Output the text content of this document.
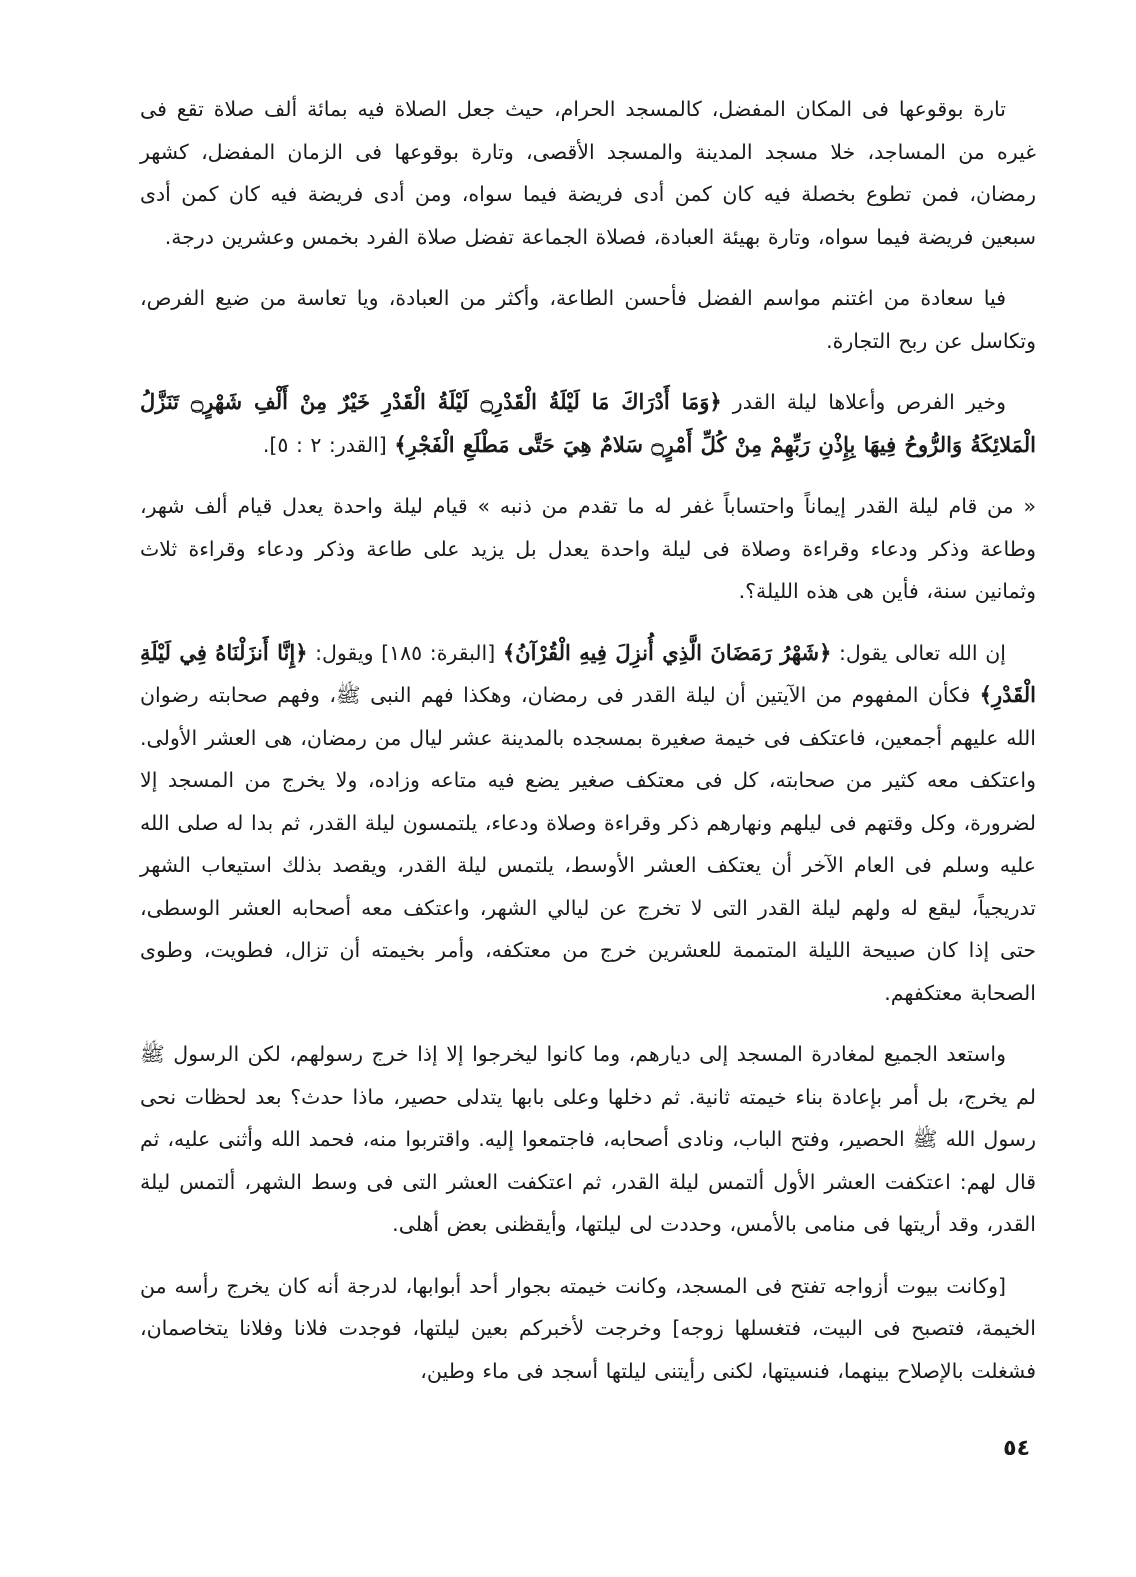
تارة بوقوعها فى المكان المفضل، كالمسجد الحرام، حيث جعل الصلاة فيه بمائة ألف صلاة تقع فى غيره من المساجد، خلا مسجد المدينة والمسجد الأقصى، وتارة بوقوعها فى الزمان المفضل، كشهر رمضان، فمن تطوع بخصلة فيه كان كمن أدى فريضة فيما سواه، ومن أدى فريضة فيه كان كمن أدى سبعين فريضة فيما سواه، وتارة بهيئة العبادة، فصلاة الجماعة تفضل صلاة الفرد بخمس وعشرين درجة.

فيا سعادة من اغتنم مواسم الفضل فأحسن الطاعة، وأكثر من العبادة، ويا تعاسة من ضيع الفرص، وتكاسل عن ربح التجارة.

وخير الفرص وأعلاها ليلة القدر ﴿وَمَا أَدْرَاكَ مَا لَيْلَةُ الْقَدْرِ۝ لَيْلَةُ الْقَدْرِ خَيْرٌ مِنْ أَلْفِ شَهْرٍ۝ تَنَزَّلُ الْمَلائِكَةُ وَالرُّوحُ فِيهَا بِإِذْنِ رَبِّهِمْ مِنْ كُلِّ أَمْرٍ۝ سَلامٌ هِيَ حَتَّى مَطْلَعِ الْفَجْرِ﴾ [القدر: ٢ : ٥].

« من قام ليلة القدر إيماناً واحتساباً غفر له ما تقدم من ذنبه » قيام ليلة واحدة يعدل قيام ألف شهر، وطاعة وذكر ودعاء وقراءة وصلاة فى ليلة واحدة يعدل بل يزيد على طاعة وذكر ودعاء وقراءة ثلاث وثمانين سنة، فأين هى هذه الليلة؟.

إن الله تعالى يقول: ﴿شَهْرُ رَمَضَانَ الَّذِي أُنزِلَ فِيهِ الْقُرْآنُ﴾ [البقرة: ١٨٥] ويقول: ﴿إِنَّا أَنزَلْنَاهُ فِي لَيْلَةِ الْقَدْرِ﴾ فكأن المفهوم من الآيتين أن ليلة القدر فى رمضان، وهكذا فهم النبى ﷺ، وفهم صحابته رضوان الله عليهم أجمعين، فاعتكف فى خيمة صغيرة بمسجده بالمدينة عشر ليال من رمضان، هى العشر الأولى. واعتكف معه كثير من صحابته، كل فى معتكف صغير يضع فيه متاعه وزاده، ولا يخرج من المسجد إلا لضرورة، وكل وقتهم فى ليلهم ونهارهم ذكر وقراءة وصلاة ودعاء، يلتمسون ليلة القدر، ثم بدا له صلى الله عليه وسلم فى العام الآخر أن يعتكف العشر الأوسط، يلتمس ليلة القدر، ويقصد بذلك استيعاب الشهر تدريجياً، ليقع له ولهم ليلة القدر التى لا تخرج عن ليالي الشهر، واعتكف معه أصحابه العشر الوسطى، حتى إذا كان صبيحة الليلة المتممة للعشرين خرج من معتكفه، وأمر بخيمته أن تزال، فطويت، وطوى الصحابة معتكفهم.

واستعد الجميع لمغادرة المسجد إلى ديارهم، وما كانوا ليخرجوا إلا إذا خرج رسولهم، لكن الرسول ﷺ لم يخرج، بل أمر بإعادة بناء خيمته ثانية. ثم دخلها وعلى بابها يتدلى حصير، ماذا حدث؟ بعد لحظات نحى رسول الله ﷺ الحصير، وفتح الباب، ونادى أصحابه، فاجتمعوا إليه. واقتربوا منه، فحمد الله وأثنى عليه، ثم قال لهم: اعتكفت العشر الأول ألتمس ليلة القدر، ثم اعتكفت العشر التى فى وسط الشهر، ألتمس ليلة القدر، وقد أريتها فى منامى بالأمس، وحددت لى ليلتها، وأيقظنى بعض أهلى.

[وكانت بيوت أزواجه تفتح فى المسجد، وكانت خيمته بجوار أحد أبوابها، لدرجة أنه كان يخرج رأسه من الخيمة، فتصبح فى البيت، فتغسلها زوجه] وخرجت لأخبركم بعين ليلتها، فوجدت فلانا وفلانا يتخاصمان، فشغلت بالإصلاح بينهما، فنسيتها، لكنى رأيتنى ليلتها أسجد فى ماء وطين،

٥٤
